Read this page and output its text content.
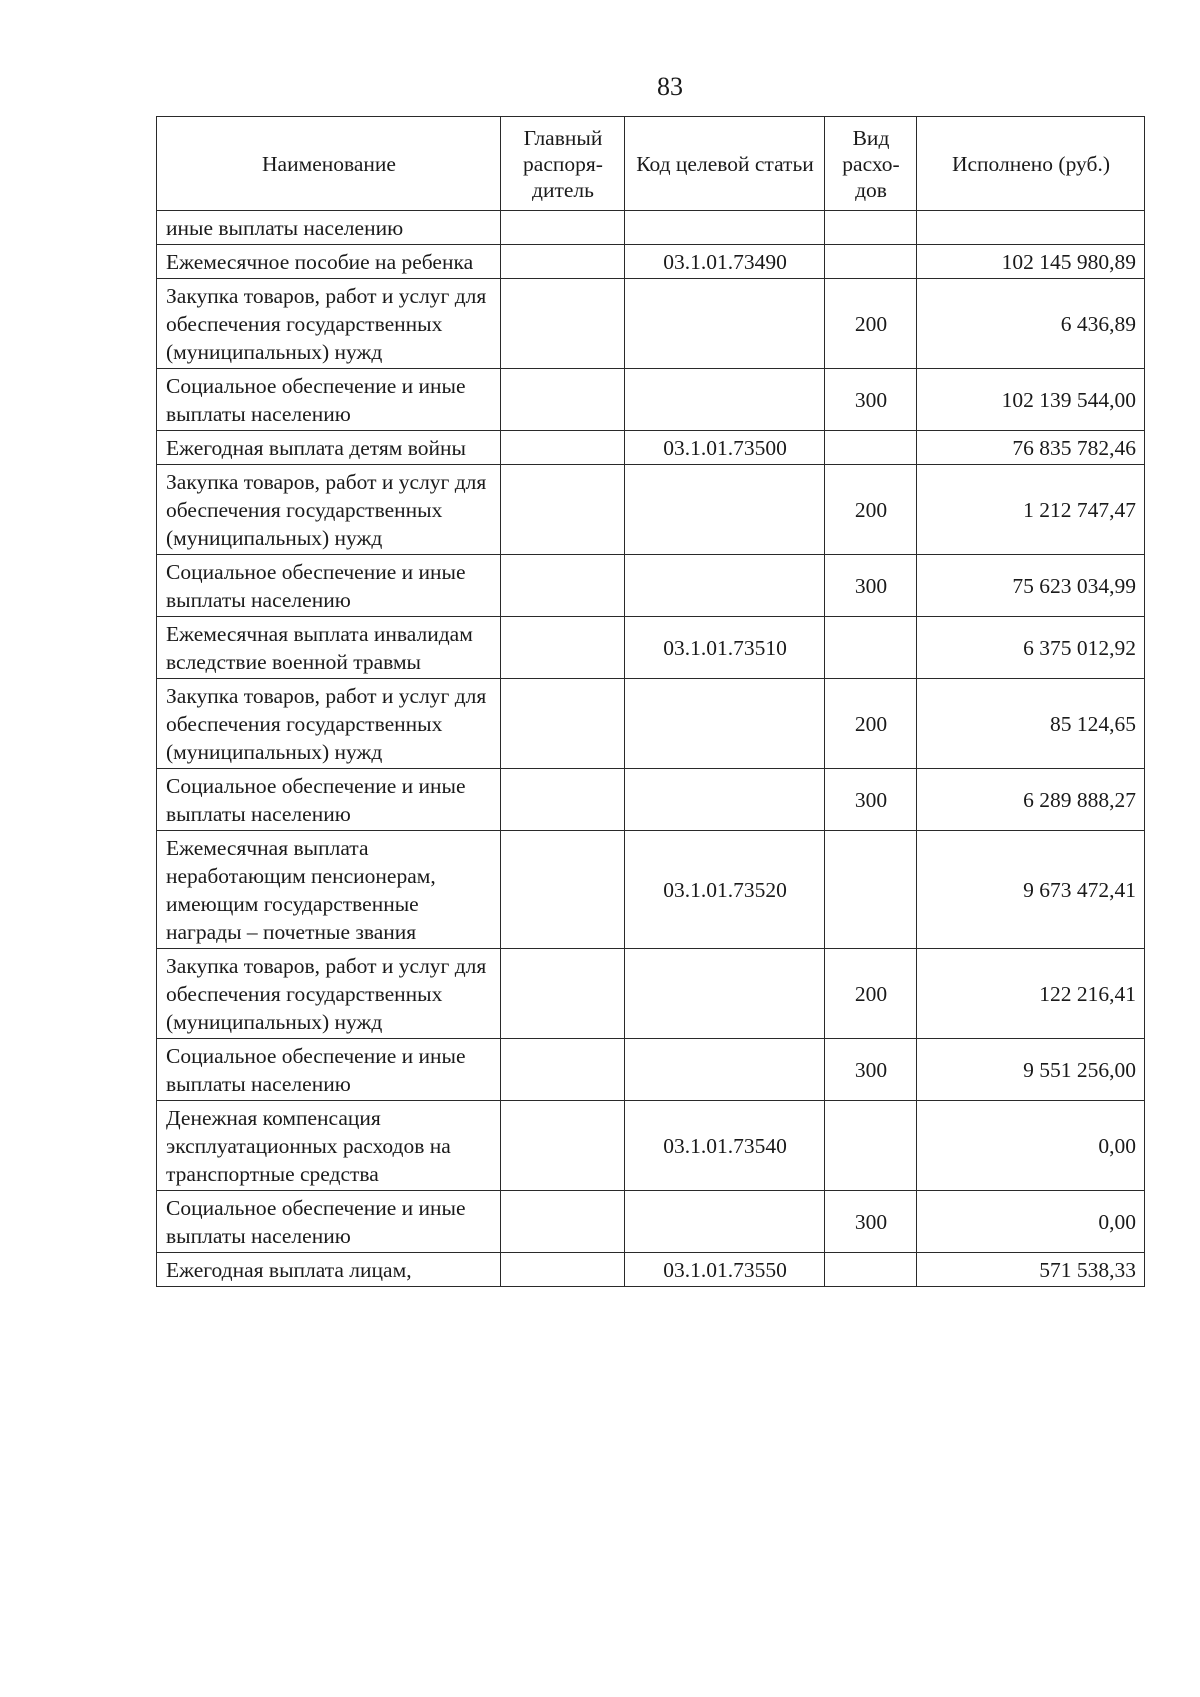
83
Наименование	Главный распоря-дитель	Код целевой статьи	Вид расхо-дов	Исполнено (руб.)
иные выплаты населению				
Ежемесячное пособие на ребенка		03.1.01.73490		102 145 980,89
Закупка товаров, работ и услуг для обеспечения государственных (муниципальных) нужд			200	6 436,89
Социальное обеспечение и иные выплаты населению			300	102 139 544,00
Ежегодная выплата детям войны		03.1.01.73500		76 835 782,46
Закупка товаров, работ и услуг для обеспечения государственных (муниципальных) нужд			200	1 212 747,47
Социальное обеспечение и иные выплаты населению			300	75 623 034,99
Ежемесячная выплата инвалидам вследствие военной травмы		03.1.01.73510		6 375 012,92
Закупка товаров, работ и услуг для обеспечения государственных (муниципальных) нужд			200	85 124,65
Социальное обеспечение и иные выплаты населению			300	6 289 888,27
Ежемесячная выплата неработающим пенсионерам, имеющим государственные награды – почетные звания		03.1.01.73520		9 673 472,41
Закупка товаров, работ и услуг для обеспечения государственных (муниципальных) нужд			200	122 216,41
Социальное обеспечение и иные выплаты населению			300	9 551 256,00
Денежная компенсация эксплуатационных расходов на транспортные средства		03.1.01.73540		0,00
Социальное обеспечение и иные выплаты населению			300	0,00
Ежегодная выплата лицам,		03.1.01.73550		571 538,33
